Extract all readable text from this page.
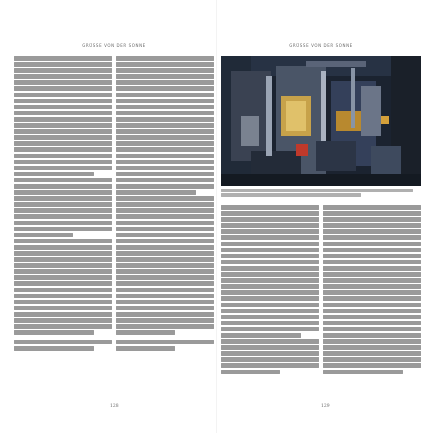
GRÜSSE VON DER SONNE
128
GRÜSSE VON DER SONNE
129
